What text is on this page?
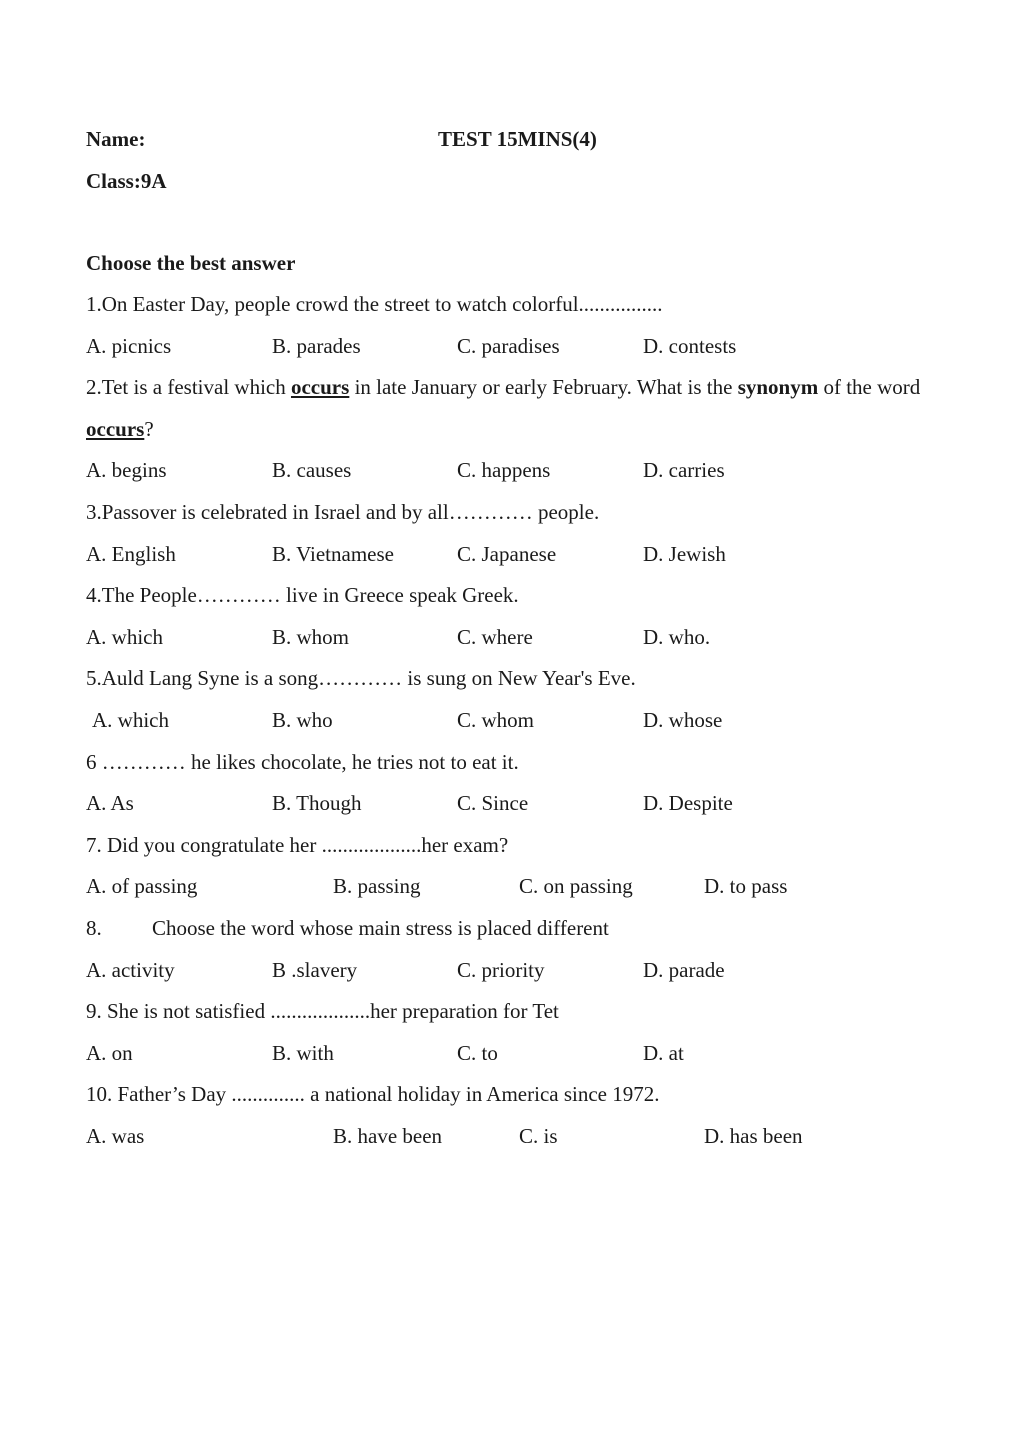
Name:	TEST 15MINS(4)
Class:9A
Choose the best answer
1.On Easter Day, people crowd the street to watch colorful................
A. picnics	B. parades	C. paradises	D. contests
2.Tet is a festival which occurs in late January or early February. What is the synonym of the word occurs?
A. begins	B. causes	C. happens	D. carries
3.Passover is celebrated in Israel and by all………… people.
A. English	B. Vietnamese	C. Japanese	D. Jewish
4.The People………… live in Greece speak Greek.
A. which	B. whom	C. where	D. who.
5.Auld Lang Syne is a song………… is sung on New Year's Eve.
A. which	B. who	C. whom	D. whose
6 ………… he likes chocolate, he tries not to eat it.
A. As	B. Though	C. Since	D. Despite
7. Did you congratulate her ...................her exam?
A. of passing	B. passing	C. on passing	D. to pass
8. Choose the word whose main stress is placed different
A. activity	B .slavery	C. priority	D. parade
9. She is not satisfied ...................her preparation for Tet
A. on	B. with	C. to	D. at
10. Father’s Day .............. a national holiday in America since 1972.
A. was	B. have been	C. is	D. has been
